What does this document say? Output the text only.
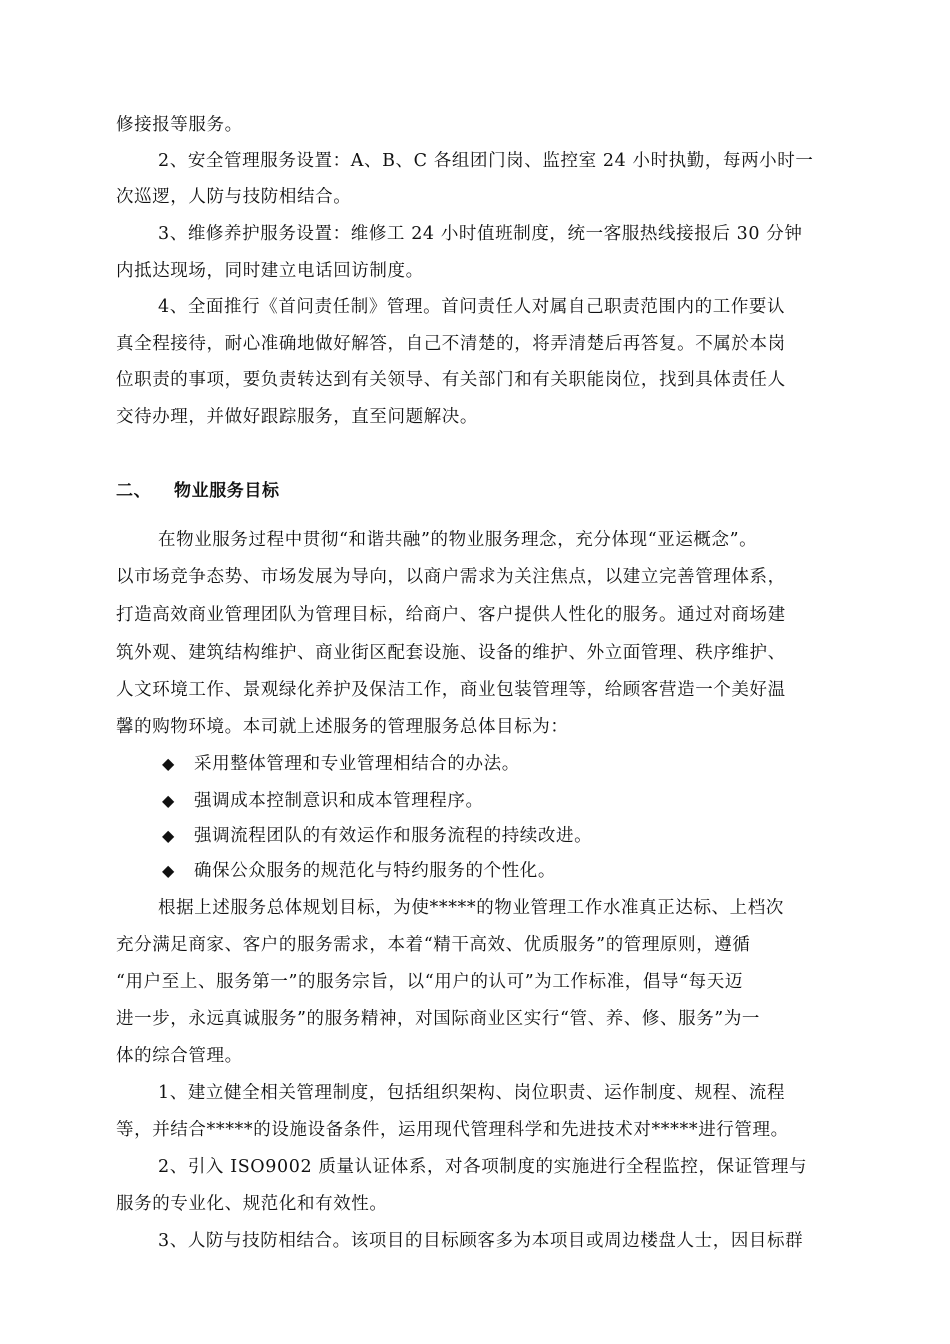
修接报等服务。
2、安全管理服务设置：A、B、C 各组团门岗、监控室 24 小时执勤，每两小时一
次巡逻，人防与技防相结合。
3、维修养护服务设置：维修工 24 小时值班制度，统一客服热线接报后 30 分钟
内抵达现场，同时建立电话回访制度。
4、全面推行《首问责任制》管理。首问责任人对属自己职责范围内的工作要认
真全程接待，耐心准确地做好解答，自己不清楚的，将弄清楚后再答复。不属於本岗
位职责的事项，要负责转达到有关领导、有关部门和有关职能岗位，找到具体责任人
交待办理，并做好跟踪服务，直至问题解决。
二、 物业服务目标
在物业服务过程中贯彻“和谐共融”的物业服务理念，充分体现“亚运概念”。
以市场竞争态势、市场发展为导向，以商户需求为关注焦点，以建立完善管理体系，
打造高效商业管理团队为管理目标，给商户、客户提供人性化的服务。通过对商场建
筑外观、建筑结构维护、商业街区配套设施、设备的维护、外立面管理、秩序维护、
人文环境工作、景观绿化养护及保洁工作，商业包装管理等，给顾客营造一个美好温
馨的购物环境。本司就上述服务的管理服务总体目标为：
◆ 采用整体管理和专业管理相结合的办法。
◆ 强调成本控制意识和成本管理程序。
◆ 强调流程团队的有效运作和服务流程的持续改进。
◆ 确保公众服务的规范化与特约服务的个性化。
根据上述服务总体规划目标，为使*****的物业管理工作水准真正达标、上档次
充分满足商家、客户的服务需求，本着“精干高效、优质服务”的管理原则，遵循
“用户至上、服务第一”的服务宗旨，以“用户的认可”为工作标准，倡导“每天迈
进一步，永远真诚服务”的服务精神，对国际商业区实行“管、养、修、服务”为一
体的综合管理。
1、建立健全相关管理制度，包括组织架构、岗位职责、运作制度、规程、流程
等，并结合*****的设施设备条件，运用现代管理科学和先进技术对*****进行管理。
2、引入 ISO9002 质量认证体系，对各项制度的实施进行全程监控，保证管理与
服务的专业化、规范化和有效性。
3、人防与技防相结合。该项目的目标顾客多为本项目或周边楼盘人士，因目标群
